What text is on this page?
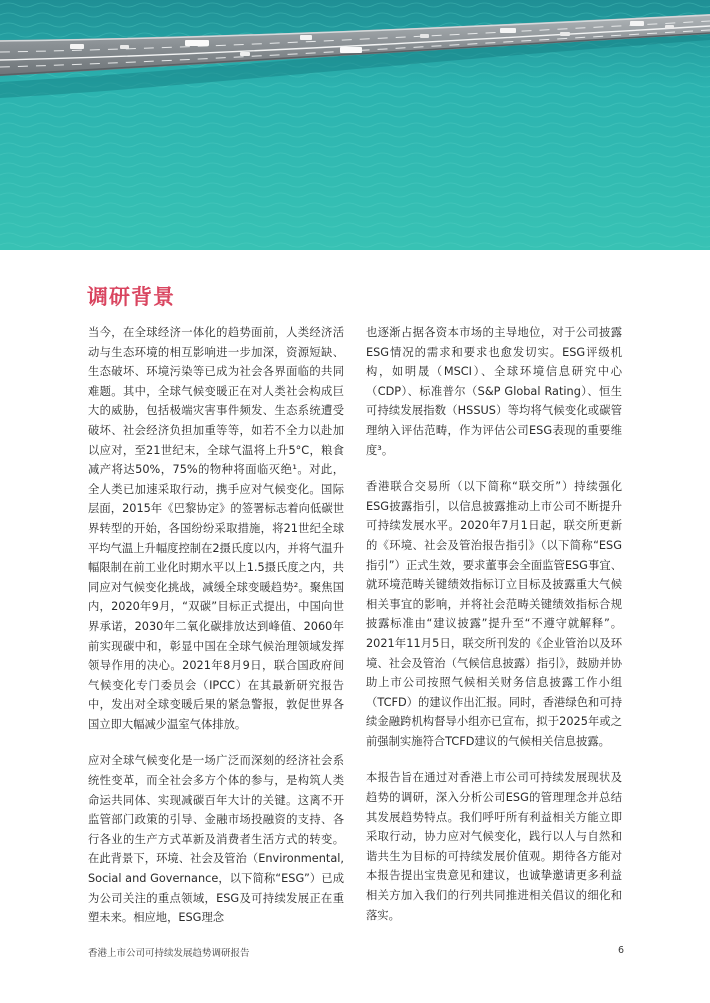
调研背景

当今，在全球经济一体化的趋势面前，人类经济活动与生态环境的相互影响进一步加深，资源短缺、生态破坏、环境污染等已成为社会各界面临的共同难题。其中，全球气候变暖正在对人类社会构成巨大的威胁，包括极端灾害事件频发、生态系统遭受破坏、社会经济负担加重等等，如若不全力以赴加以应对，至21世纪末，全球气温将上升5°C，粮食减产将达50%，75%的物种将面临灭绝¹。对此，全人类已加速采取行动，携手应对气候变化。国际层面，2015年《巴黎协定》的签署标志着向低碳世界转型的开始，各国纷纷采取措施，将21世纪全球平均气温上升幅度控制在2摄氏度以内，并将气温升幅限制在前工业化时期水平以上1.5摄氏度之内，共同应对气候变化挑战，减缓全球变暖趋势²。聚焦国内，2020年9月，“双碳”目标正式提出，中国向世界承诺，2030年二氧化碳排放达到峰值、2060年前实现碳中和，彰显中国在全球气候治理领域发挥领导作用的决心。2021年8月9日，联合国政府间气候变化专门委员会（IPCC）在其最新研究报告中，发出对全球变暖后果的紧急警报，敦促世界各国立即大幅减少温室气体排放。

应对全球气候变化是一场广泛而深刻的经济社会系统性变革，而全社会多方个体的参与，是构筑人类命运共同体、实现减碳百年大计的关键。这离不开监管部门政策的引导、金融市场投融资的支持、各行各业的生产方式革新及消费者生活方式的转变。在此背景下，环境、社会及管治（Environmental, Social and Governance，以下简称“ESG”）已成为公司关注的重点领域，ESG及可持续发展正在重塑未来。相应地，ESG理念

也逐渐占据各资本市场的主导地位，对于公司披露ESG情况的需求和要求也愈发切实。ESG评级机构，如明晟（MSCI）、全球环境信息研究中心（CDP）、标准普尔（S&P Global Rating）、恒生可持续发展指数（HSSUS）等均将气候变化或碳管理纳入评估范畴，作为评估公司ESG表现的重要维度³。

香港联合交易所（以下简称“联交所”）持续强化ESG披露指引，以信息披露推动上市公司不断提升可持续发展水平。2020年7月1日起，联交所更新的《环境、社会及管治报告指引》（以下简称“ESG指引”）正式生效，要求董事会全面监管ESG事宜、就环境范畴关键绩效指标订立目标及披露重大气候相关事宜的影响，并将社会范畴关键绩效指标合规披露标准由“建议披露”提升至“不遵守就解释”。2021年11月5日，联交所刊发的《企业管治以及环境、社会及管治（气候信息披露）指引》，鼓励并协助上市公司按照气候相关财务信息披露工作小组（TCFD）的建议作出汇报。同时，香港绿色和可持续金融跨机构督导小组亦已宣布，拟于2025年或之前强制实施符合TCFD建议的气候相关信息披露。

本报告旨在通过对香港上市公司可持续发展现状及趋势的调研，深入分析公司ESG的管理理念并总结其发展趋势特点。我们呼吁所有利益相关方能立即采取行动，协力应对气候变化，践行以人与自然和谐共生为目标的可持续发展价值观。期待各方能对本报告提出宝贵意见和建议，也诚挚邀请更多利益相关方加入我们的行列共同推进相关倡议的细化和落实。

香港上市公司可持续发展趋势调研报告	6
